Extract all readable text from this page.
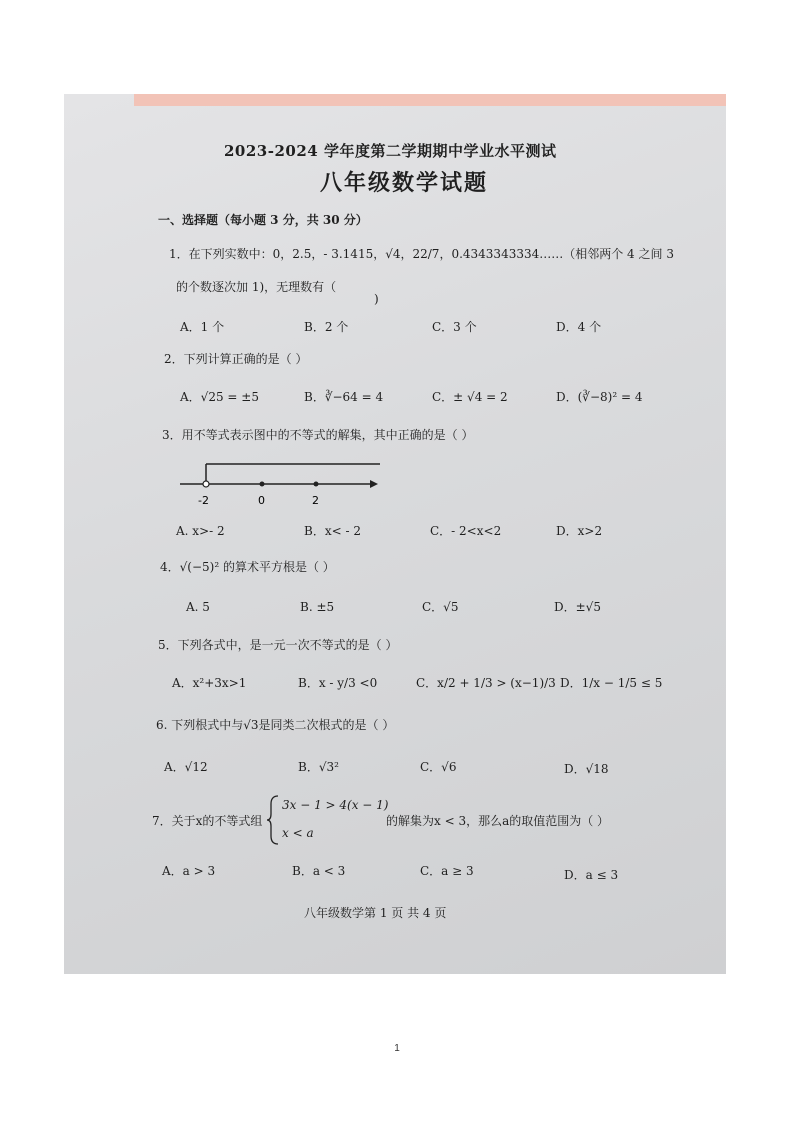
2023-2024 学年度第二学期期中学业水平测试
八年级数学试题
一、选择题（每小题 3 分，共 30 分）
1．在下列实数中：0，2.5，- 3.1415，√4，22/7，0.4343343334……（相邻两个 4 之间 3
的个数逐次加 1)，无理数有（
)
A．1 个	B．2 个	C．3 个	D．4 个
2．下列计算正确的是（ ）
A．√25 = ±5	B．∛−64 = 4	C．± √4 = 2	D．(∛−8)² = 4
3．用不等式表示图中的不等式的解集，其中正确的是（ ）
-2	0	2
A. x>- 2	B．x< - 2	C．- 2<x<2	D．x>2
4．√(−5)² 的算术平方根是（ ）
A. 5	B. ±5	C．√5	D．±√5
5．下列各式中，是一元一次不等式的是（ ）
A．x²+3x>1	B．x - y/3 <0	C．x/2 + 1/3 > (x−1)/3 D．1/x − 1/5 ≤ 5
6. 下列根式中与√3是同类二次根式的是（ ）
A．√12	B．√3²	C．√6	D．√18
7．关于x的不等式组
3x − 1 > 4(x − 1)
x < a
的解集为x < 3，那么a的取值范围为（ ）
A．a > 3	B．a < 3	C．a ≥ 3	D．a ≤ 3
八年级数学第 1 页 共 4 页
1
